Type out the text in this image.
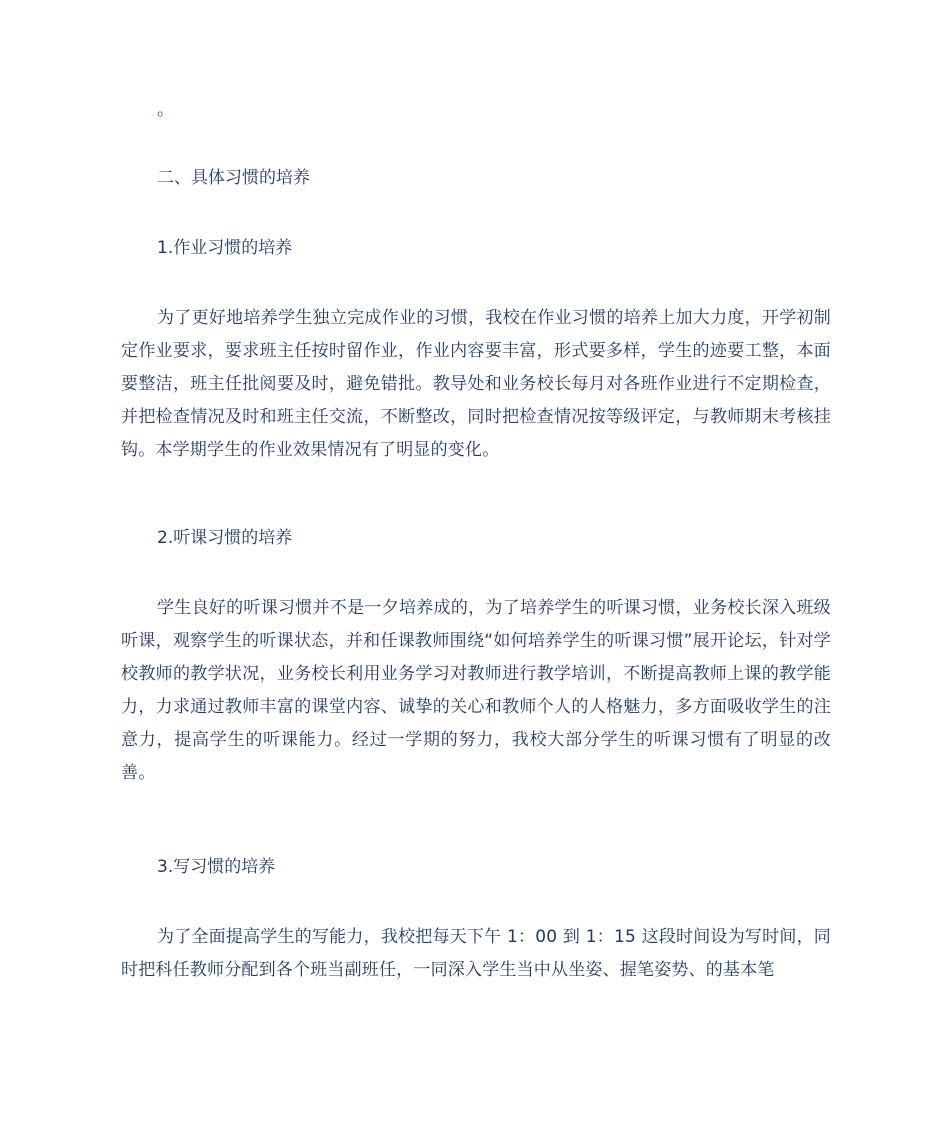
。

二、具体习惯的培养

1.作业习惯的培养

为了更好地培养学生独立完成作业的习惯，我校在作业习惯的培养上加大力度，开学初制定作业要求，要求班主任按时留作业，作业内容要丰富，形式要多样，学生的迹要工整，本面要整洁，班主任批阅要及时，避免错批。教导处和业务校长每月对各班作业进行不定期检查，并把检查情况及时和班主任交流，不断整改，同时把检查情况按等级评定，与教师期末考核挂钩。本学期学生的作业效果情况有了明显的变化。

2.听课习惯的培养

学生良好的听课习惯并不是一夕培养成的，为了培养学生的听课习惯，业务校长深入班级听课，观察学生的听课状态，并和任课教师围绕“如何培养学生的听课习惯”展开论坛，针对学校教师的教学状况，业务校长利用业务学习对教师进行教学培训，不断提高教师上课的教学能力，力求通过教师丰富的课堂内容、诚挚的关心和教师个人的人格魅力，多方面吸收学生的注意力，提高学生的听课能力。经过一学期的努力，我校大部分学生的听课习惯有了明显的改善。

3.写习惯的培养

为了全面提高学生的写能力，我校把每天下午 1：00 到 1：15 这段时间设为写时间，同时把科任教师分配到各个班当副班任，一同深入学生当中从坐姿、握笔姿势、的基本笔
